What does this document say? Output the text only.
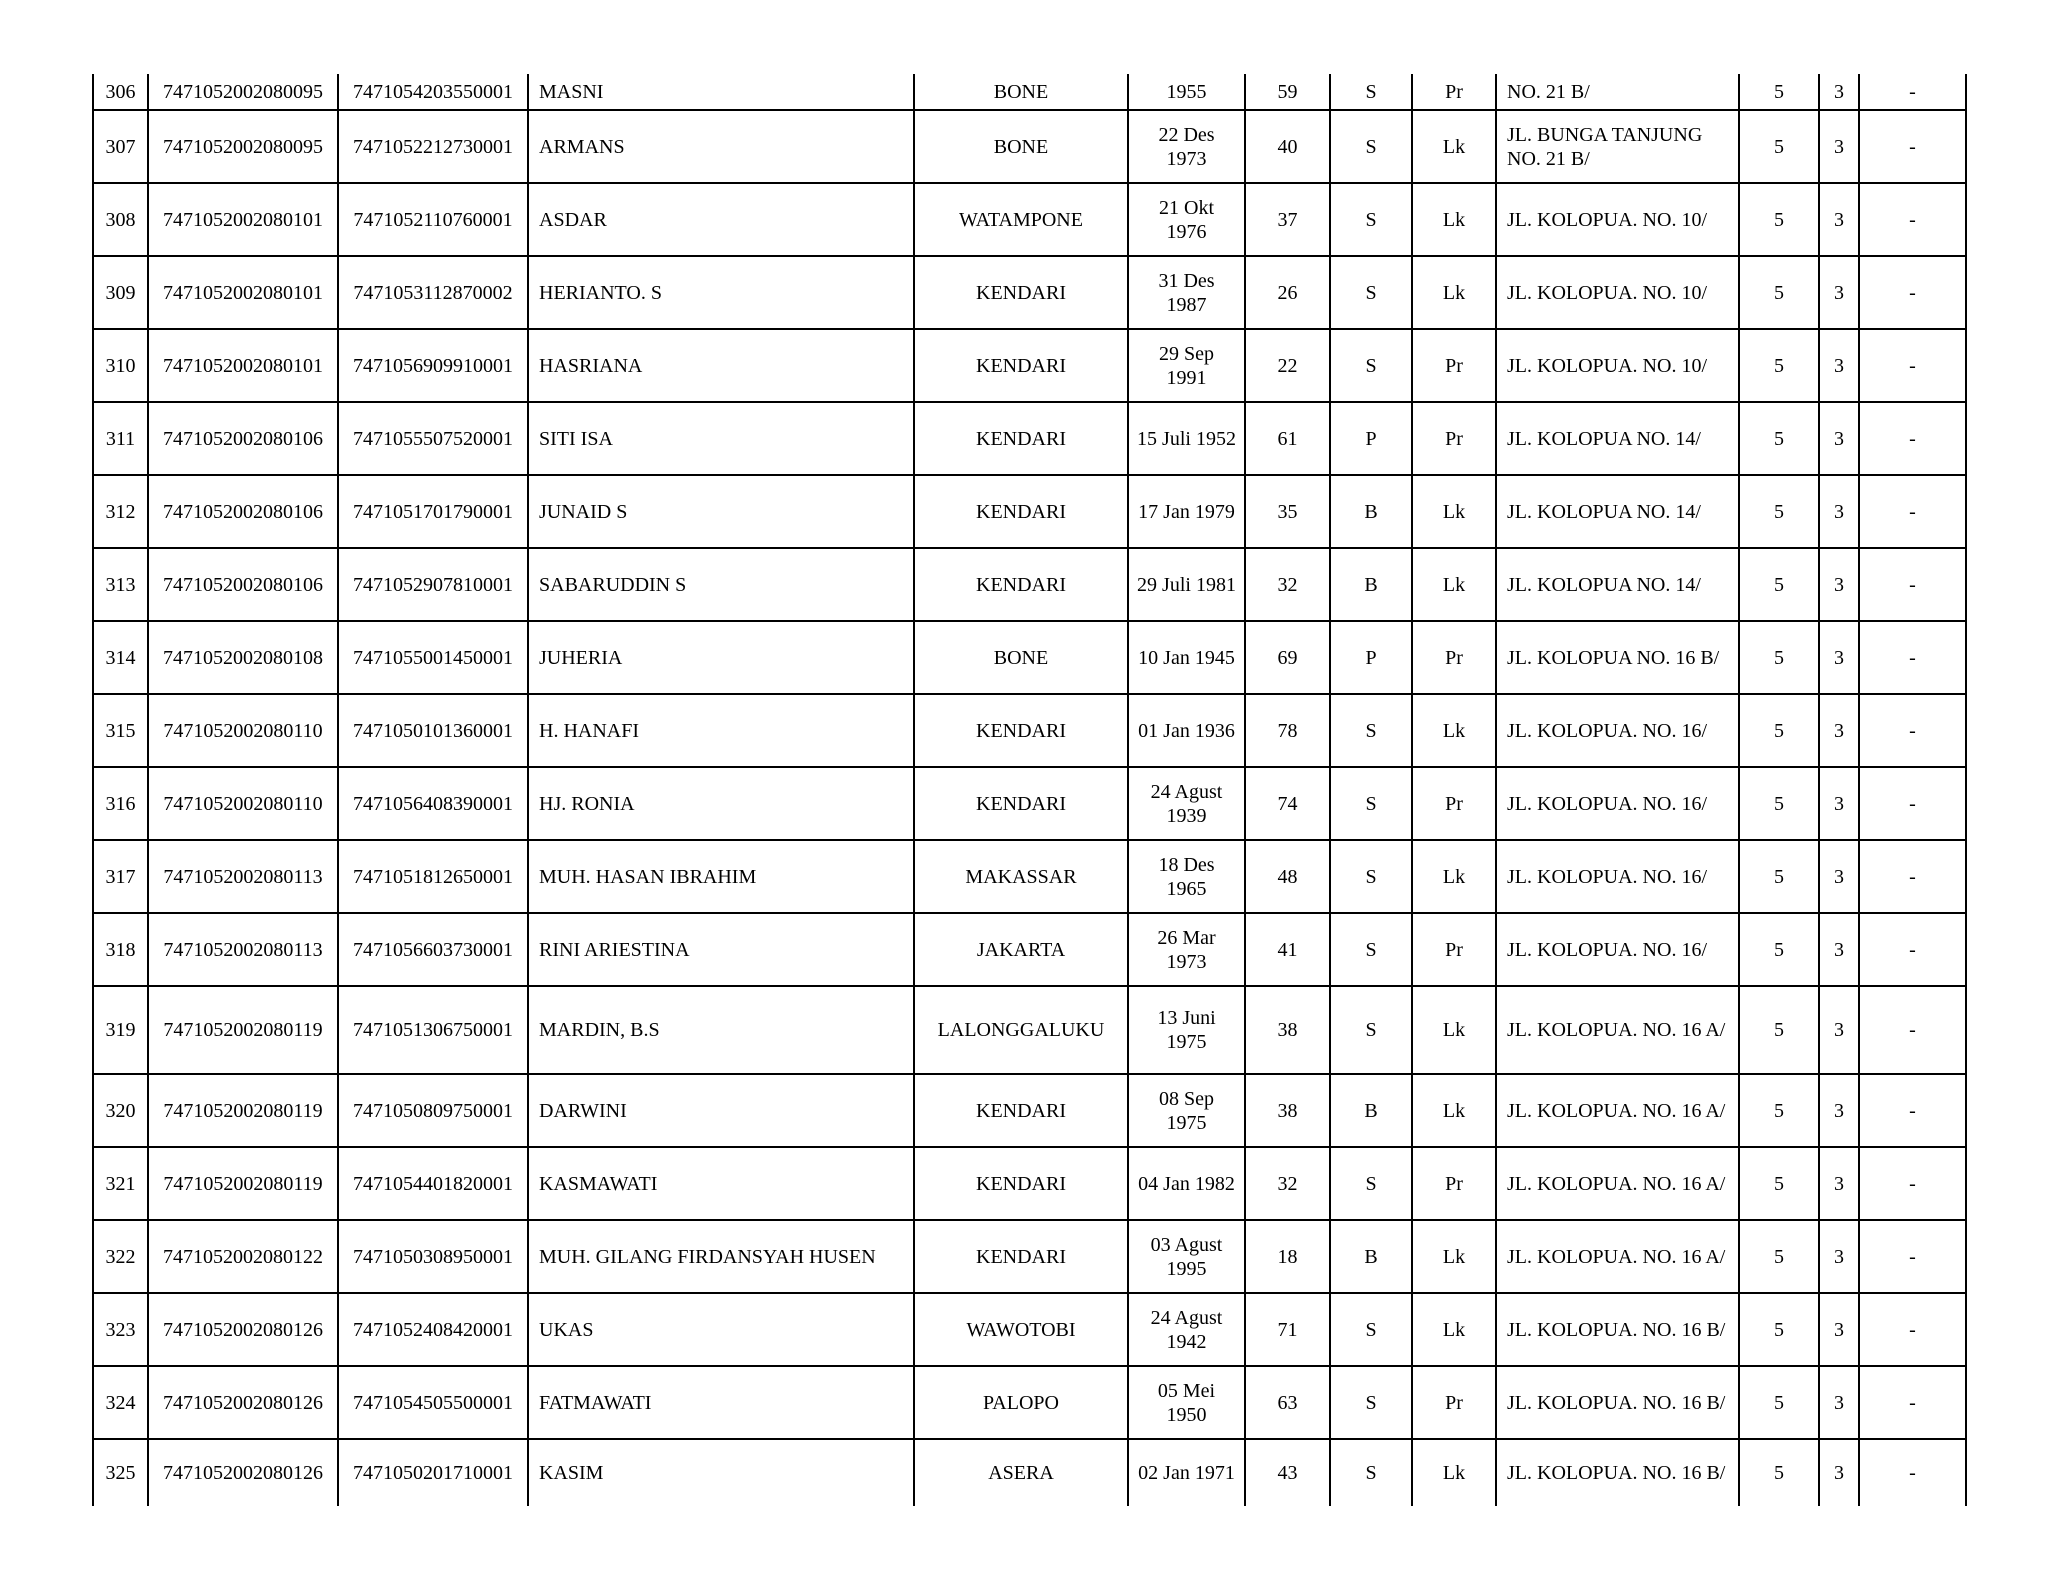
306	7471052002080095	7471054203550001	MASNI	BONE	1955	59	S	Pr	NO. 21 B/	5	3	-
307	7471052002080095	7471052212730001	ARMANS	BONE	22 Des 1973	40	S	Lk	JL. BUNGA TANJUNG NO. 21 B/	5	3	-
308	7471052002080101	7471052110760001	ASDAR	WATAMPONE	21 Okt 1976	37	S	Lk	JL. KOLOPUA. NO. 10/	5	3	-
309	7471052002080101	7471053112870002	HERIANTO. S	KENDARI	31 Des 1987	26	S	Lk	JL. KOLOPUA. NO. 10/	5	3	-
310	7471052002080101	7471056909910001	HASRIANA	KENDARI	29 Sep 1991	22	S	Pr	JL. KOLOPUA. NO. 10/	5	3	-
311	7471052002080106	7471055507520001	SITI ISA	KENDARI	15 Juli 1952	61	P	Pr	JL. KOLOPUA NO. 14/	5	3	-
312	7471052002080106	7471051701790001	JUNAID S	KENDARI	17 Jan 1979	35	B	Lk	JL. KOLOPUA NO. 14/	5	3	-
313	7471052002080106	7471052907810001	SABARUDDIN S	KENDARI	29 Juli 1981	32	B	Lk	JL. KOLOPUA NO. 14/	5	3	-
314	7471052002080108	7471055001450001	JUHERIA	BONE	10 Jan 1945	69	P	Pr	JL. KOLOPUA NO. 16 B/	5	3	-
315	7471052002080110	7471050101360001	H. HANAFI	KENDARI	01 Jan 1936	78	S	Lk	JL. KOLOPUA. NO. 16/	5	3	-
316	7471052002080110	7471056408390001	HJ. RONIA	KENDARI	24 Agust 1939	74	S	Pr	JL. KOLOPUA. NO. 16/	5	3	-
317	7471052002080113	7471051812650001	MUH. HASAN IBRAHIM	MAKASSAR	18 Des 1965	48	S	Lk	JL. KOLOPUA. NO. 16/	5	3	-
318	7471052002080113	7471056603730001	RINI ARIESTINA	JAKARTA	26 Mar 1973	41	S	Pr	JL. KOLOPUA. NO. 16/	5	3	-
319	7471052002080119	7471051306750001	MARDIN, B.S	LALONGGALUKU	13 Juni 1975	38	S	Lk	JL. KOLOPUA. NO. 16 A/	5	3	-
320	7471052002080119	7471050809750001	DARWINI	KENDARI	08 Sep 1975	38	B	Lk	JL. KOLOPUA. NO. 16 A/	5	3	-
321	7471052002080119	7471054401820001	KASMAWATI	KENDARI	04 Jan 1982	32	S	Pr	JL. KOLOPUA. NO. 16 A/	5	3	-
322	7471052002080122	7471050308950001	MUH. GILANG FIRDANSYAH HUSEN	KENDARI	03 Agust 1995	18	B	Lk	JL. KOLOPUA. NO. 16 A/	5	3	-
323	7471052002080126	7471052408420001	UKAS	WAWOTOBI	24 Agust 1942	71	S	Lk	JL. KOLOPUA. NO. 16 B/	5	3	-
324	7471052002080126	7471054505500001	FATMAWATI	PALOPO	05 Mei 1950	63	S	Pr	JL. KOLOPUA. NO. 16 B/	5	3	-
325	7471052002080126	7471050201710001	KASIM	ASERA	02 Jan 1971	43	S	Lk	JL. KOLOPUA. NO. 16 B/	5	3	-
